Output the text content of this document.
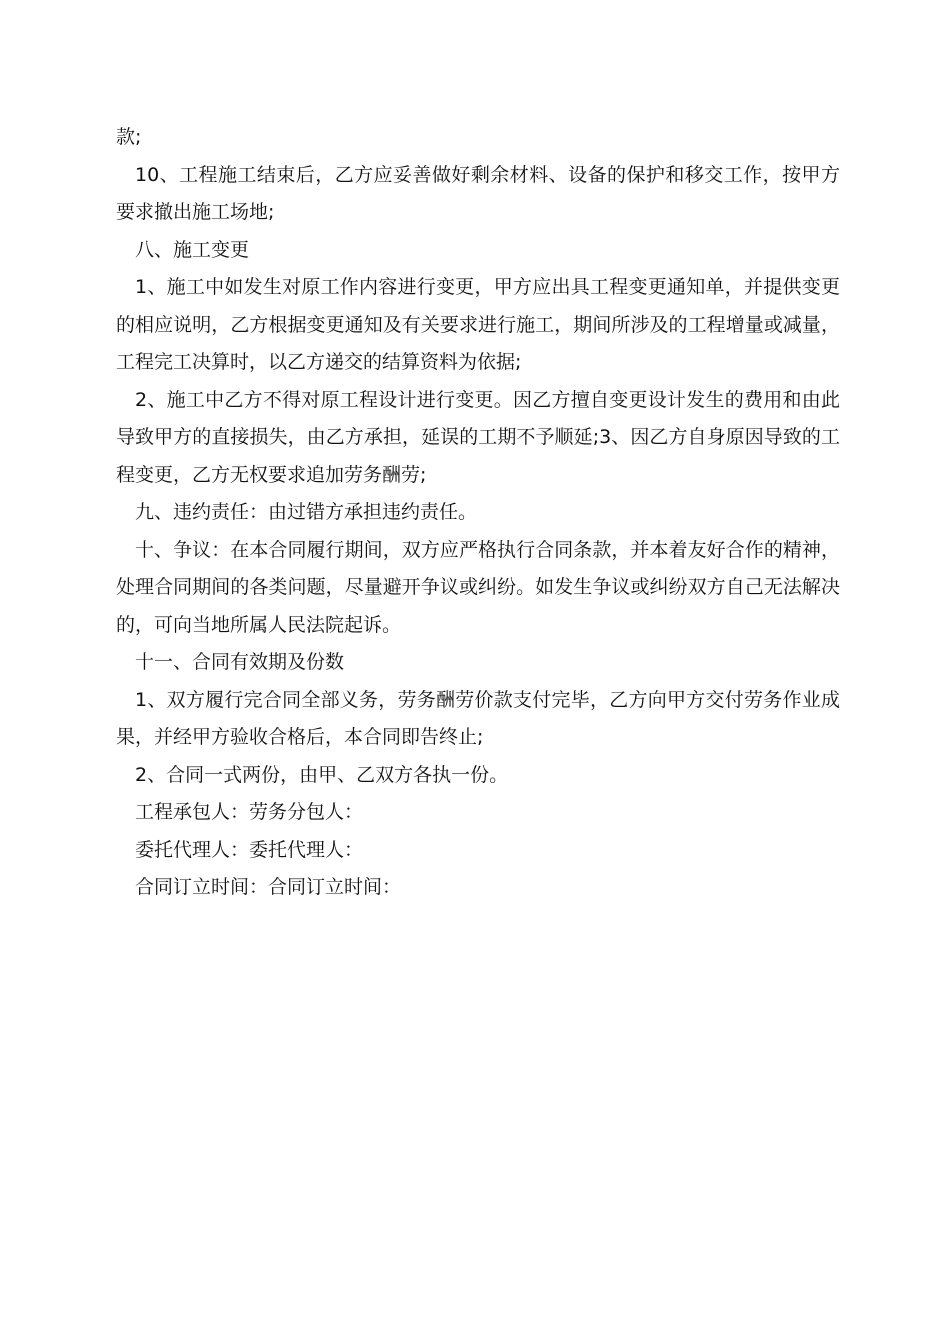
款;

10、工程施工结束后，乙方应妥善做好剩余材料、设备的保护和移交工作，按甲方要求撤出施工场地;

八、施工变更

1、施工中如发生对原工作内容进行变更，甲方应出具工程变更通知单，并提供变更的相应说明，乙方根据变更通知及有关要求进行施工，期间所涉及的工程增量或减量，工程完工决算时，以乙方递交的结算资料为依据;

2、施工中乙方不得对原工程设计进行变更。因乙方擅自变更设计发生的费用和由此导致甲方的直接损失，由乙方承担，延误的工期不予顺延;3、因乙方自身原因导致的工程变更，乙方无权要求追加劳务酬劳;

九、违约责任：由过错方承担违约责任。

十、争议：在本合同履行期间，双方应严格执行合同条款，并本着友好合作的精神，处理合同期间的各类问题，尽量避开争议或纠纷。如发生争议或纠纷双方自己无法解决的，可向当地所属人民法院起诉。

十一、合同有效期及份数

1、双方履行完合同全部义务，劳务酬劳价款支付完毕，乙方向甲方交付劳务作业成果，并经甲方验收合格后，本合同即告终止;

2、合同一式两份，由甲、乙双方各执一份。

工程承包人：劳务分包人：

委托代理人：委托代理人：

合同订立时间：合同订立时间：
